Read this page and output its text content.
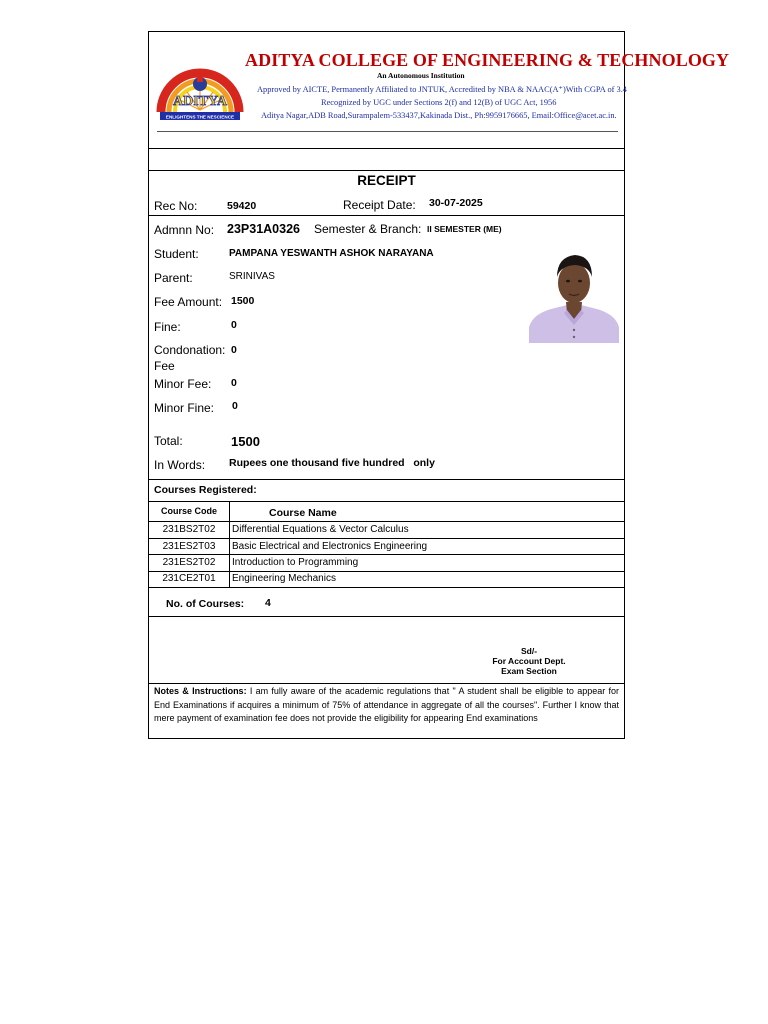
ADITYA
ENLIGHTENS THE NESCIENCE
ADITYA COLLEGE OF ENGINEERING & TECHNOLOGY
An Autonomous Institution
Approved by AICTE, Permanently Affiliated to JNTUK, Accredited by NBA & NAAC(A⁺)With CGPA of 3.4
Recognized by UGC under Sections 2(f) and 12(B) of UGC Act, 1956
Aditya Nagar,ADB Road,Surampalem-533437,Kakinada Dist., Ph:9959176665, Email:Office@acet.ac.in.
RECEIPT
Rec No:	59420	Receipt Date: 30-07-2025
Admnn No: 23P31A0326 Semester & Branch: II SEMESTER (ME)
Student:	PAMPANA YESWANTH ASHOK NARAYANA
Parent:	SRINIVAS
Fee Amount: 1500
Fine:	0
Condonation:
Fee
0
Minor Fee: 0
Minor Fine: 0
Total:	1500
In Words: Rupees one thousand five hundred   only
Courses Registered:
Course Code	Course Name
231BS2T02	Differential Equations & Vector Calculus
231ES2T03	Basic Electrical and Electronics Engineering
231ES2T02	Introduction to Programming
231CE2T01	Engineering Mechanics
No. of Courses: 4
Sd/-
For Account Dept.
Exam Section
Notes & Instructions: I am fully aware of the academic regulations that " A student shall be eligible to appear for End Examinations if acquires a minimum of 75% of attendance in aggregate of all the courses". Further I know that mere payment of examination fee does not provide the eligibility for appearing End examinations
